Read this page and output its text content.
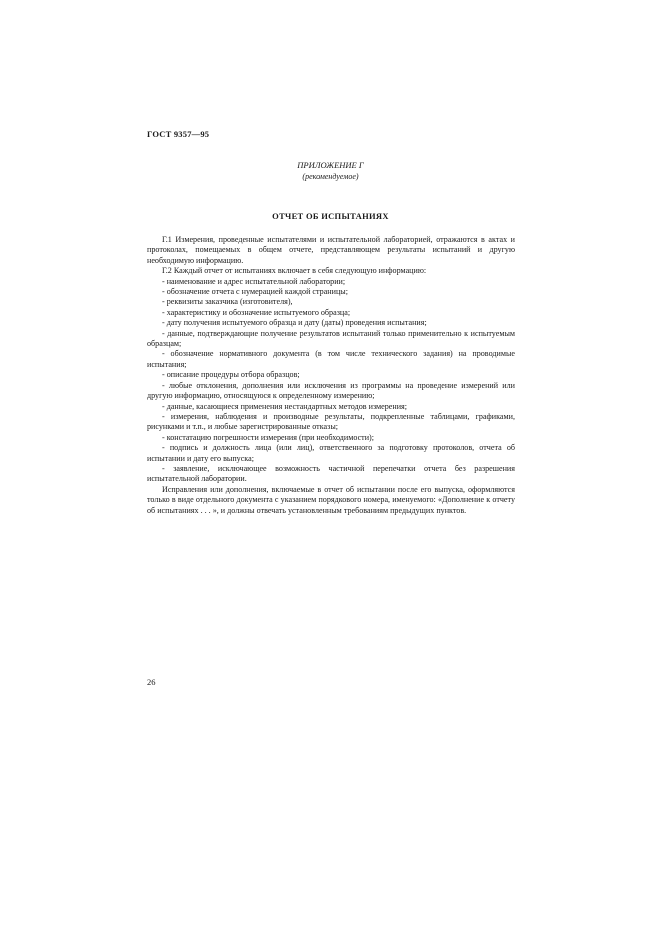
ГОСТ 9357—95
ПРИЛОЖЕНИЕ Г
(рекомендуемое)
ОТЧЕТ ОБ ИСПЫТАНИЯХ

Г.1 Измерения, проведенные испытателями и испытательной лабораторией, отражаются в актах и протоколах, помещаемых в общем отчете, представляющем результаты испытаний и другую необходимую информацию.

Г.2 Каждый отчет от испытаниях включает в себя следующую информацию:

- наименование и адрес испытательной лаборатории;

- обозначение отчета с нумерацией каждой страницы;

- реквизиты заказчика (изготовителя),

- характеристику и обозначение испытуемого образца;

- дату получения испытуемого образца и дату (даты) проведения испытания;

- данные, подтверждающие получение результатов испытаний только применительно к испытуемым образцам;

- обозначение нормативного документа (в том числе технического задания) на проводимые испытания;

- описание процедуры отбора образцов;

- любые отклонения, дополнения или исключения из программы на проведение измерений или другую информацию, относящуюся к определенному измерению;

- данные, касающиеся применения нестандартных методов измерения;

- измерения, наблюдения и производные результаты, подкрепленные таблицами, графиками, рисунками и т.п., и любые зарегистрированные отказы;

- констатацию погрешности измерения (при необходимости);

- подпись и должность лица (или лиц), ответственного за подготовку протоколов, отчета об испытании и дату его выпуска;

- заявление, исключающее возможность частичной перепечатки отчета без разрешения испытательной лаборатории.

Исправления или дополнения, включаемые в отчет об испытании после его выпуска, оформляются только в виде отдельного документа с указанием порядкового номера, именуемого: «Дополнение к отчету об испытаниях . . . », и должны отвечать установленным требованиям предыдущих пунктов.

26
